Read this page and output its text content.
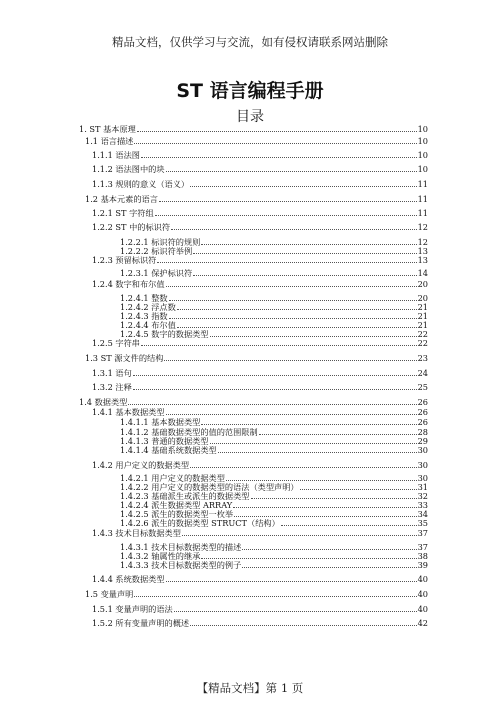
精品文档，仅供学习与交流，如有侵权请联系网站删除
ST 语言编程手册
目录
1. ST 基本原理	10
1.1 语言描述	10
1.1.1 语法图	10
1.1.2 语法图中的块	10
1.1.3 规则的意义（语义）	11
1.2 基本元素的语言	11
1.2.1 ST 字符组	11
1.2.2 ST 中的标识符	12
1.2.2.1 标识符的规则	12
1.2.2.2 标识符举例	13
1.2.3 预留标识符	13
1.2.3.1 保护标识符	14
1.2.4 数字和布尔值	20
1.2.4.1 整数	20
1.2.4.2 浮点数	21
1.2.4.3 指数	21
1.2.4.4 布尔值	21
1.2.4.5 数字的数据类型	22
1.2.5 字符串	22
1.3 ST 源文件的结构	23
1.3.1 语句	24
1.3.2 注释	25
1.4 数据类型	26
1.4.1 基本数据类型	26
1.4.1.1 基本数据类型	26
1.4.1.2 基础数据类型的值的范围限制	28
1.4.1.3 普通的数据类型	29
1.4.1.4 基础系统数据类型	30
1.4.2 用户定义的数据类型	30
1.4.2.1 用户定义的数据类型	30
1.4.2.2 用户定义的数据类型的语法（类型声明）	31
1.4.2.3 基础派生或派生的数据类型	32
1.4.2.4 派生数据类型 ARRAY	33
1.4.2.5 派生的数据类型一枚举	34
1.4.2.6 派生的数据类型 STRUCT（结构）	35
1.4.3 技术目标数据类型	37
1.4.3.1 技术目标数据类型的描述	37
1.4.3.2 轴属性的继承	38
1.4.3.3 技术目标数据类型的例子	39
1.4.4 系统数据类型	40
1.5 变量声明	40
1.5.1 变量声明的语法	40
1.5.2 所有变量声明的概述	42
【精品文档】第 1 页
